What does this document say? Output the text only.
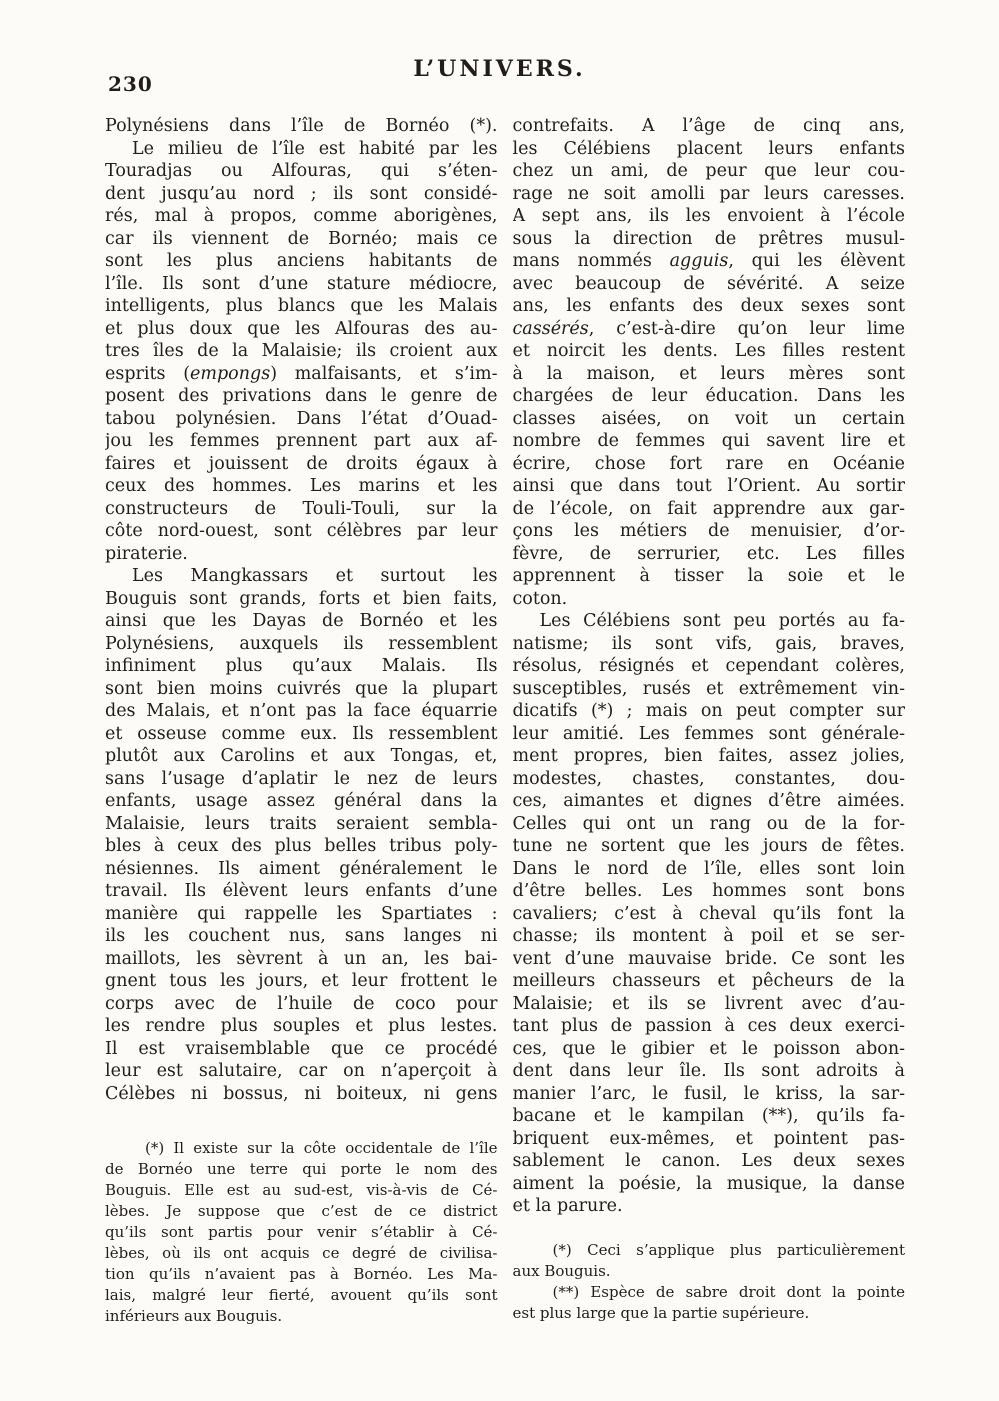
230
L’UNIVERS.
Polynésiens dans l’île de Bornéo (*).
Le milieu de l’île est habité par les
Touradjas ou Alfouras, qui s’éten-
dent jusqu’au nord ; ils sont considé-
rés, mal à propos, comme aborigènes,
car ils viennent de Bornéo; mais ce
sont les plus anciens habitants de
l’île. Ils sont d’une stature médiocre,
intelligents, plus blancs que les Malais
et plus doux que les Alfouras des au-
tres îles de la Malaisie; ils croient aux
esprits (empongs) malfaisants, et s’im-
posent des privations dans le genre de
tabou polynésien. Dans l’état d’Ouad-
jou les femmes prennent part aux af-
faires et jouissent de droits égaux à
ceux des hommes. Les marins et les
constructeurs de Touli-Touli, sur la
côte nord-ouest, sont célèbres par leur
piraterie.
Les Mangkassars et surtout les
Bouguis sont grands, forts et bien faits,
ainsi que les Dayas de Bornéo et les
Polynésiens, auxquels ils ressemblent
infiniment plus qu’aux Malais. Ils
sont bien moins cuivrés que la plupart
des Malais, et n’ont pas la face équarrie
et osseuse comme eux. Ils ressemblent
plutôt aux Carolins et aux Tongas, et,
sans l’usage d’aplatir le nez de leurs
enfants, usage assez général dans la
Malaisie, leurs traits seraient sembla-
bles à ceux des plus belles tribus poly-
nésiennes. Ils aiment généralement le
travail. Ils élèvent leurs enfants d’une
manière qui rappelle les Spartiates :
ils les couchent nus, sans langes ni
maillots, les sèvrent à un an, les bai-
gnent tous les jours, et leur frottent le
corps avec de l’huile de coco pour
les rendre plus souples et plus lestes.
Il est vraisemblable que ce procédé
leur est salutaire, car on n’aperçoit à
Célèbes ni bossus, ni boiteux, ni gens
(*) Il existe sur la côte occidentale de l’île
de Bornéo une terre qui porte le nom des
Bouguis. Elle est au sud-est, vis-à-vis de Cé-
lèbes. Je suppose que c’est de ce district
qu’ils sont partis pour venir s’établir à Cé-
lèbes, où ils ont acquis ce degré de civilisa-
tion qu’ils n’avaient pas à Bornéo. Les Ma-
lais, malgré leur fierté, avouent qu’ils sont
inférieurs aux Bouguis.
contrefaits. A l’âge de cinq ans,
les Célébiens placent leurs enfants
chez un ami, de peur que leur cou-
rage ne soit amolli par leurs caresses.
A sept ans, ils les envoient à l’école
sous la direction de prêtres musul-
mans nommés agguis, qui les élèvent
avec beaucoup de sévérité. A seize
ans, les enfants des deux sexes sont
cassérés, c’est-à-dire qu’on leur lime
et noircit les dents. Les filles restent
à la maison, et leurs mères sont
chargées de leur éducation. Dans les
classes aisées, on voit un certain
nombre de femmes qui savent lire et
écrire, chose fort rare en Océanie
ainsi que dans tout l’Orient. Au sortir
de l’école, on fait apprendre aux gar-
çons les métiers de menuisier, d’or-
fèvre, de serrurier, etc. Les filles
apprennent à tisser la soie et le
coton.
Les Célébiens sont peu portés au fa-
natisme; ils sont vifs, gais, braves,
résolus, résignés et cependant colères,
susceptibles, rusés et extrêmement vin-
dicatifs (*) ; mais on peut compter sur
leur amitié. Les femmes sont générale-
ment propres, bien faites, assez jolies,
modestes, chastes, constantes, dou-
ces, aimantes et dignes d’être aimées.
Celles qui ont un rang ou de la for-
tune ne sortent que les jours de fêtes.
Dans le nord de l’île, elles sont loin
d’être belles. Les hommes sont bons
cavaliers; c’est à cheval qu’ils font la
chasse; ils montent à poil et se ser-
vent d’une mauvaise bride. Ce sont les
meilleurs chasseurs et pêcheurs de la
Malaisie; et ils se livrent avec d’au-
tant plus de passion à ces deux exerci-
ces, que le gibier et le poisson abon-
dent dans leur île. Ils sont adroits à
manier l’arc, le fusil, le kriss, la sar-
bacane et le kampilan (**), qu’ils fa-
briquent eux-mêmes, et pointent pas-
sablement le canon. Les deux sexes
aiment la poésie, la musique, la danse
et la parure.
(*) Ceci s’applique plus particulièrement
aux Bouguis.
(**) Espèce de sabre droit dont la pointe
est plus large que la partie supérieure.
